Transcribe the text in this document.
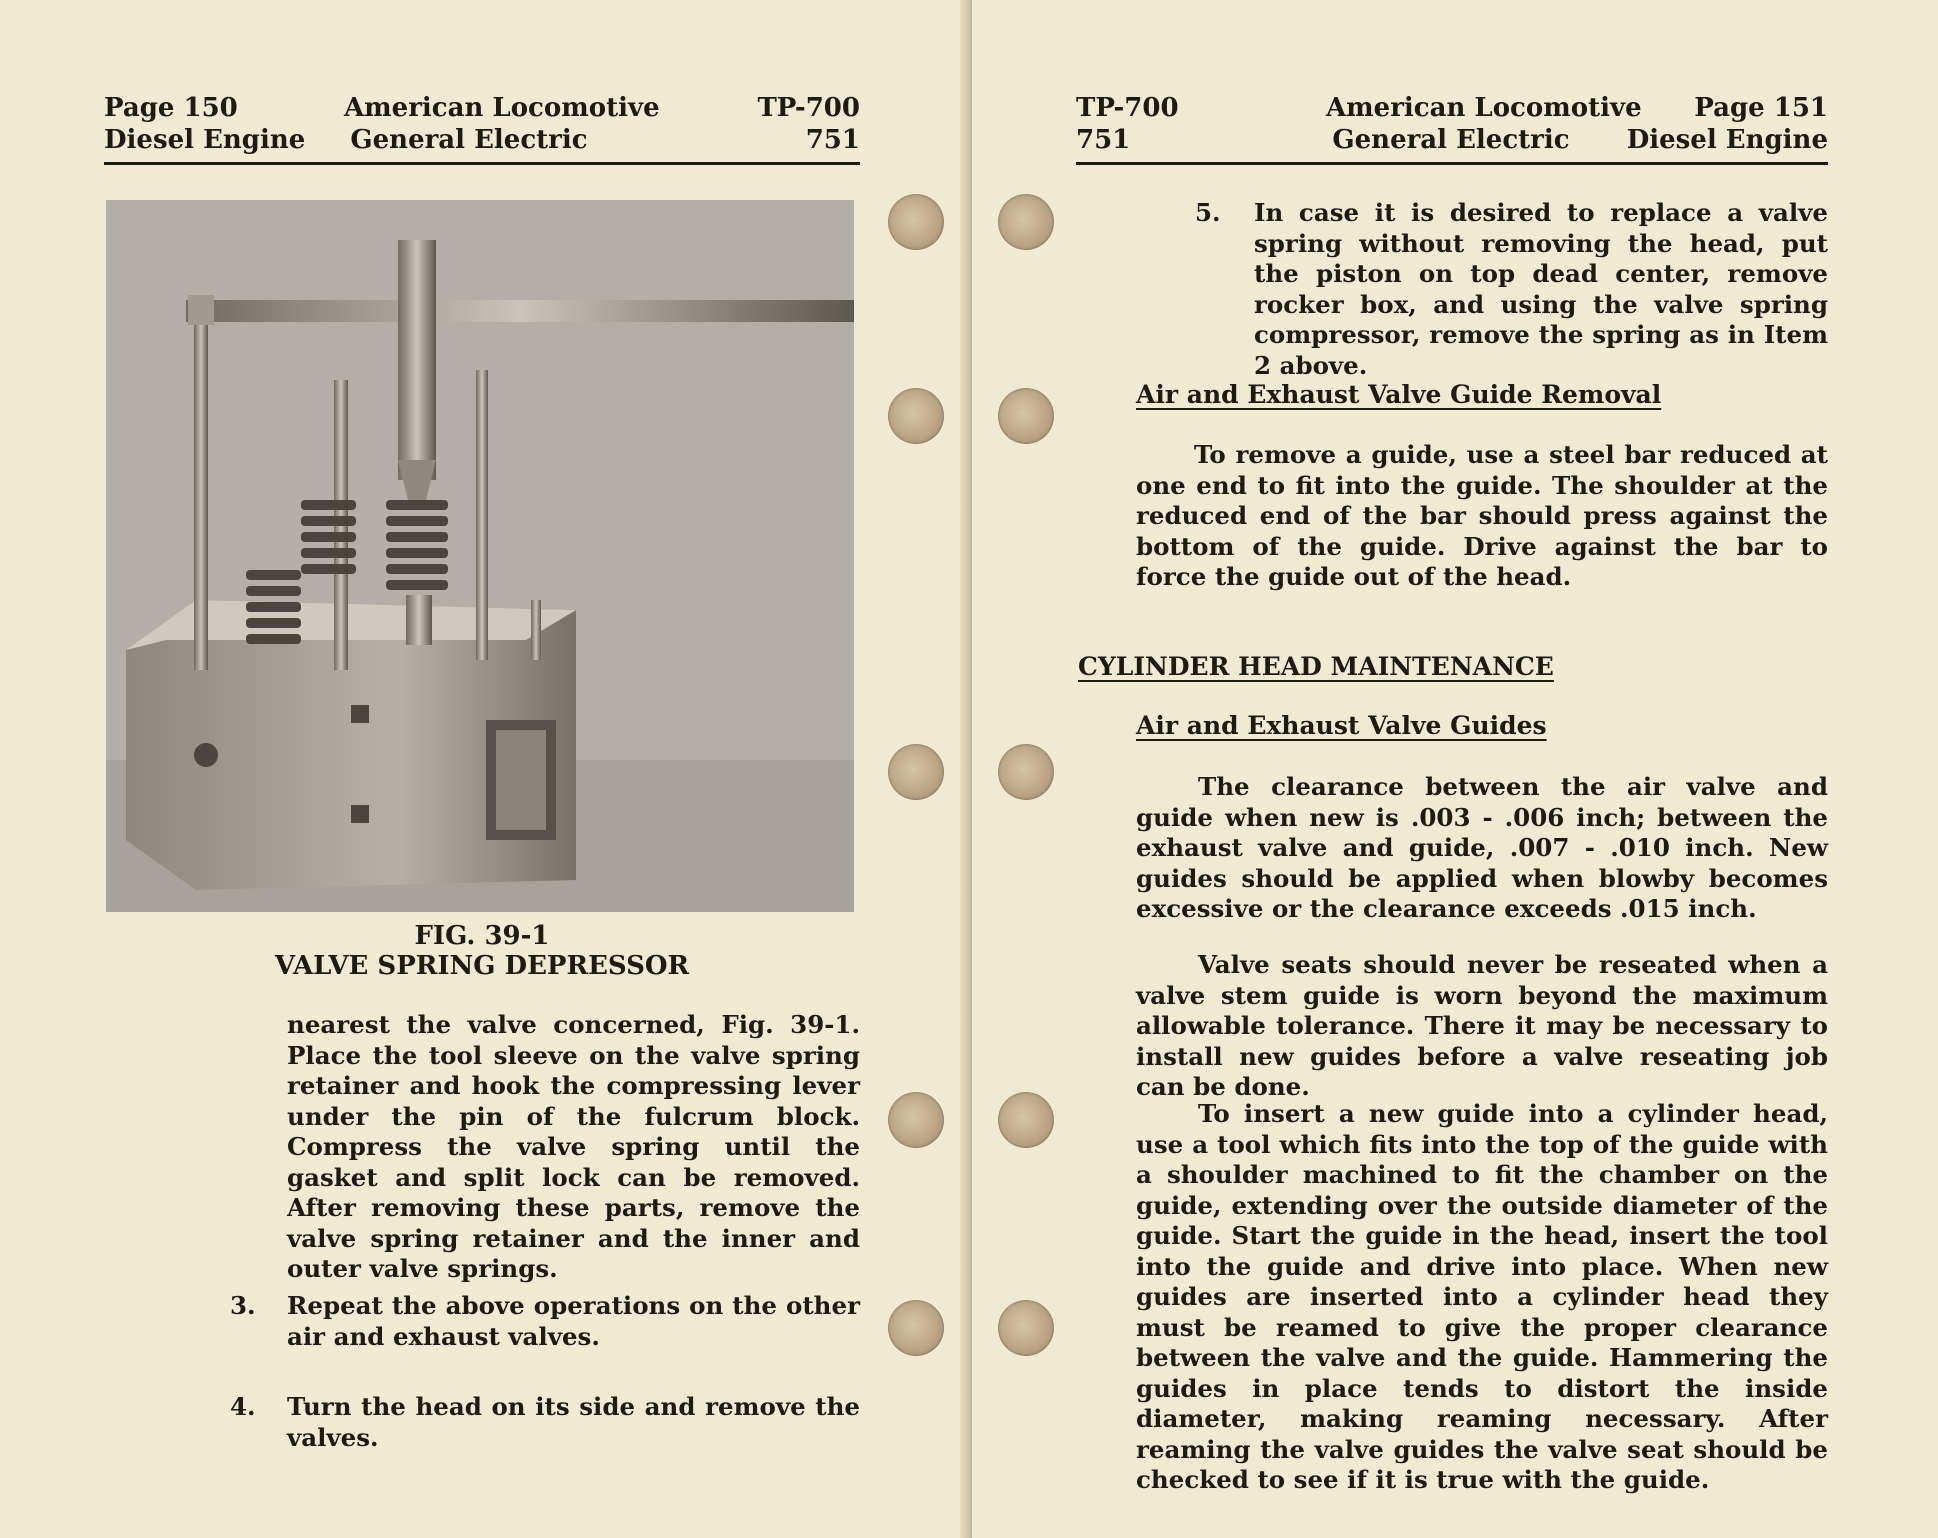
Page 150
Diesel Engine
American Locomotive
General Electric
TP-700
751
FIG. 39-1
VALVE SPRING DEPRESSOR

nearest the valve concerned, Fig. 39-1. Place the tool sleeve on the valve spring retainer and hook the compressing lever under the pin of the fulcrum block. Compress the valve spring until the gasket and split lock can be removed. After removing these parts, remove the valve spring retainer and the inner and outer valve springs.

3. Repeat the above operations on the other air and exhaust valves.

4. Turn the head on its side and remove the valves.

TP-700
751
American Locomotive
General Electric
Page 151
Diesel Engine
5. In case it is desired to replace a valve spring without removing the head, put the piston on top dead center, remove rocker box, and using the valve spring compressor, remove the spring as in Item 2 above.

Air and Exhaust Valve Guide Removal

To remove a guide, use a steel bar reduced at one end to fit into the guide. The shoulder at the reduced end of the bar should press against the bottom of the guide. Drive against the bar to force the guide out of the head.

CYLINDER HEAD MAINTENANCE
Air and Exhaust Valve Guides

The clearance between the air valve and guide when new is .003 - .006 inch; between the exhaust valve and guide, .007 - .010 inch. New guides should be applied when blowby becomes excessive or the clearance exceeds .015 inch.

Valve seats should never be reseated when a valve stem guide is worn beyond the maximum allowable tolerance. There it may be necessary to install new guides before a valve reseating job can be done.

To insert a new guide into a cylinder head, use a tool which fits into the top of the guide with a shoulder machined to fit the chamber on the guide, extending over the outside diameter of the guide. Start the guide in the head, insert the tool into the guide and drive into place. When new guides are inserted into a cylinder head they must be reamed to give the proper clearance between the valve and the guide. Hammering the guides in place tends to distort the inside diameter, making reaming necessary. After reaming the valve guides the valve seat should be checked to see if it is true with the guide.
